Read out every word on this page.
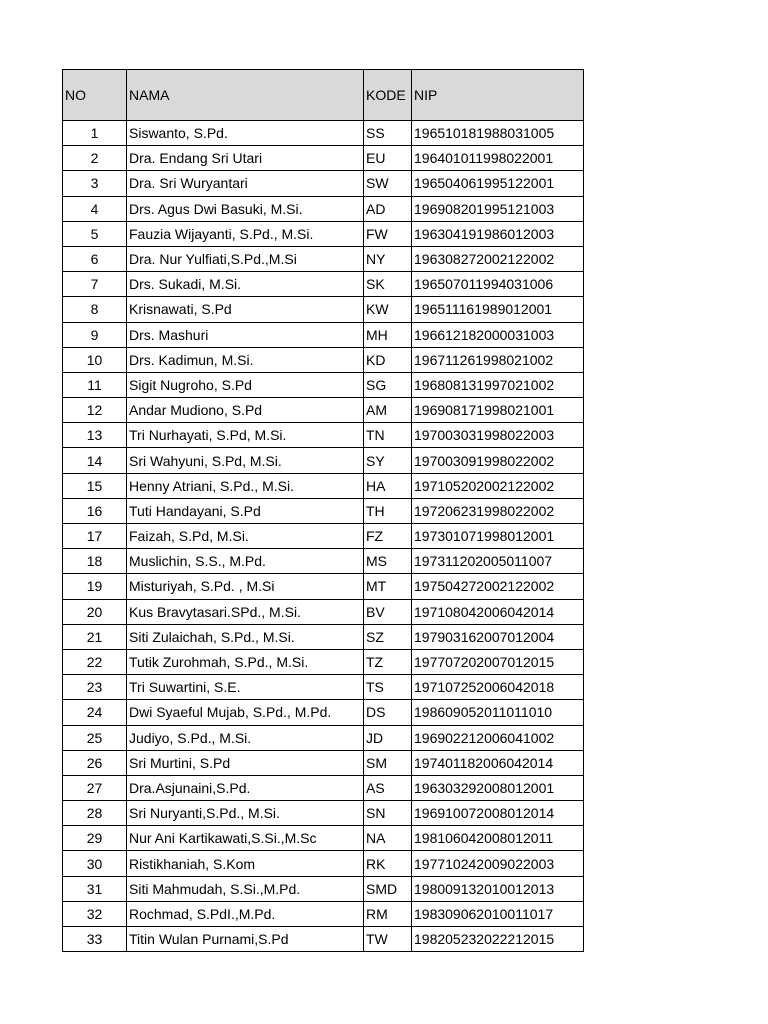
NO	NAMA	KODE	NIP
1	Siswanto, S.Pd.	SS	196510181988031005
2	Dra. Endang Sri Utari	EU	196401011998022001
3	Dra. Sri Wuryantari	SW	196504061995122001
4	Drs. Agus Dwi Basuki, M.Si.	AD	196908201995121003
5	Fauzia Wijayanti, S.Pd., M.Si.	FW	196304191986012003
6	Dra. Nur Yulfiati,S.Pd.,M.Si	NY	196308272002122002
7	Drs. Sukadi, M.Si.	SK	196507011994031006
8	Krisnawati, S.Pd	KW	196511161989012001
9	Drs. Mashuri	MH	196612182000031003
10	Drs. Kadimun, M.Si.	KD	196711261998021002
11	Sigit Nugroho, S.Pd	SG	196808131997021002
12	Andar Mudiono, S.Pd	AM	196908171998021001
13	Tri Nurhayati, S.Pd, M.Si.	TN	197003031998022003
14	Sri Wahyuni, S.Pd, M.Si.	SY	197003091998022002
15	Henny Atriani, S.Pd., M.Si.	HA	197105202002122002
16	Tuti Handayani, S.Pd	TH	197206231998022002
17	Faizah, S.Pd, M.Si.	FZ	197301071998012001
18	Muslichin, S.S., M.Pd.	MS	197311202005011007
19	Misturiyah, S.Pd. , M.Si	MT	197504272002122002
20	Kus Bravytasari.SPd., M.Si.	BV	197108042006042014
21	Siti Zulaichah, S.Pd., M.Si.	SZ	197903162007012004
22	Tutik Zurohmah, S.Pd., M.Si.	TZ	197707202007012015
23	Tri Suwartini, S.E.	TS	197107252006042018
24	Dwi Syaeful Mujab, S.Pd., M.Pd.	DS	198609052011011010
25	Judiyo, S.Pd., M.Si.	JD	196902212006041002
26	Sri Murtini, S.Pd	SM	197401182006042014
27	Dra.Asjunaini,S.Pd.	AS	196303292008012001
28	Sri Nuryanti,S.Pd., M.Si.	SN	196910072008012014
29	Nur Ani Kartikawati,S.Si.,M.Sc	NA	198106042008012011
30	Ristikhaniah, S.Kom	RK	197710242009022003
31	Siti Mahmudah, S.Si.,M.Pd.	SMD	198009132010012013
32	Rochmad, S.PdI.,M.Pd.	RM	198309062010011017
33	Titin Wulan Purnami,S.Pd	TW	198205232022212015
